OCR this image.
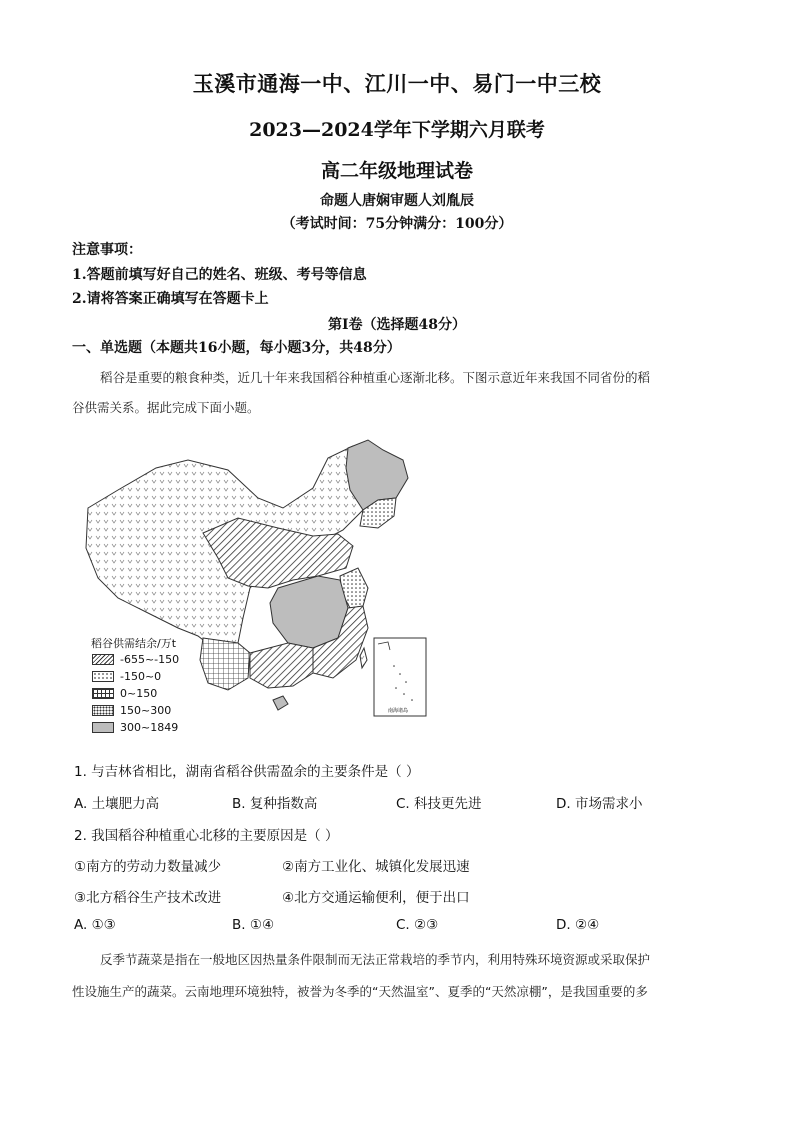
玉溪市通海一中、江川一中、易门一中三校
2023—2024学年下学期六月联考
高二年级地理试卷
命题人唐娴审题人刘胤辰
（考试时间：75分钟满分：100分）
注意事项：
1.答题前填写好自己的姓名、班级、考号等信息
2.请将答案正确填写在答题卡上
第Ⅰ卷（选择题48分）
一、单选题（本题共16小题，每小题3分，共48分）
稻谷是重要的粮食种类，近几十年来我国稻谷种植重心逐渐北移。下图示意近年来我国不同省份的稻
谷供需关系。据此完成下面小题。
南海诸岛
稻谷供需结余/万t
-655~-150
-150~0
0~150
150~300
300~1849
1. 与吉林省相比，湖南省稻谷供需盈余的主要条件是（ ）
A. 土壤肥力高	B. 复种指数高	C. 科技更先进	D. 市场需求小
2. 我国稻谷种植重心北移的主要原因是（ ）
①南方的劳动力数量减少	②南方工业化、城镇化发展迅速
③北方稻谷生产技术改进	④北方交通运输便利，便于出口
A. ①③	B. ①④	C. ②③	D. ②④
反季节蔬菜是指在一般地区因热量条件限制而无法正常栽培的季节内，利用特殊环境资源或采取保护
性设施生产的蔬菜。云南地理环境独特，被誉为冬季的“天然温室”、夏季的“天然凉棚”，是我国重要的多
